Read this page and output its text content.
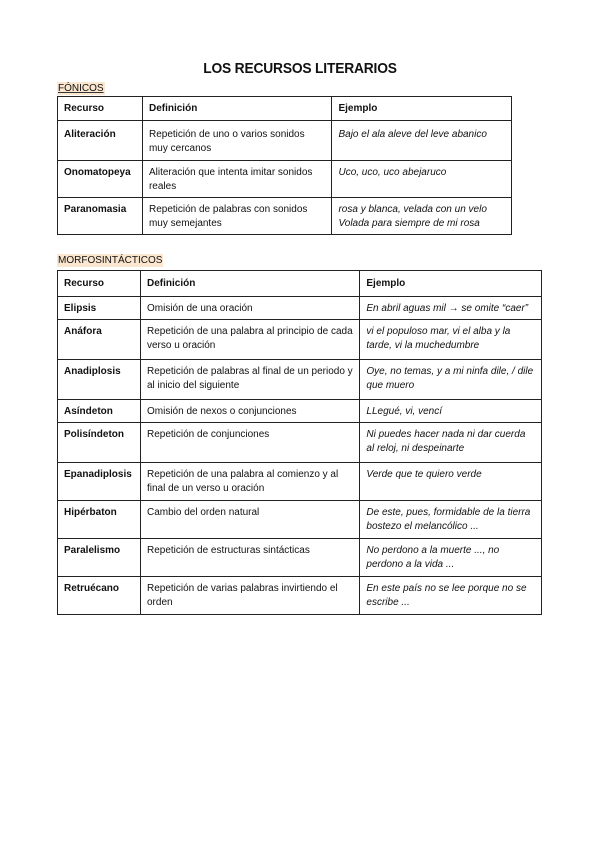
LOS RECURSOS LITERARIOS
FÓNICOS
Recurso	Definición	Ejemplo
Aliteración	Repetición de uno o varios sonidos muy cercanos	Bajo el ala aleve del leve abanico
Onomatopeya	Aliteración que intenta imitar sonidos reales	Uco, uco, uco abejaruco
Paranomasia	Repetición de palabras con sonidos muy semejantes	rosa y blanca, velada con un velo Volada para siempre de mi rosa
MORFOSINTÁCTICOS
Recurso	Definición	Ejemplo
Elipsis	Omisión de una oración	En abril aguas mil → se omite “caer”
Anáfora	Repetición de una palabra al principio de cada verso u oración	vi el populoso mar, vi el alba y la tarde, vi la muchedumbre
Anadiplosis	Repetición de palabras al final de un periodo y al inicio del siguiente	Oye, no temas, y a mi ninfa dile, / dile que muero
Asíndeton	Omisión de nexos o conjunciones	LLegué, vi, vencí
Polisíndeton	Repetición de conjunciones	Ni puedes hacer nada ni dar cuerda al reloj, ni despeinarte
Epanadiplosis	Repetición de una palabra al comienzo y al final de un verso u oración	Verde que te quiero verde
Hipérbaton	Cambio del orden natural	De este, pues, formidable de la tierra bostezo el melancólico ...
Paralelismo	Repetición de estructuras sintácticas	No perdono a la muerte ..., no perdono a la vida ...
Retruécano	Repetición de varias palabras invirtiendo el orden	En este país no se lee porque no se escribe ...
